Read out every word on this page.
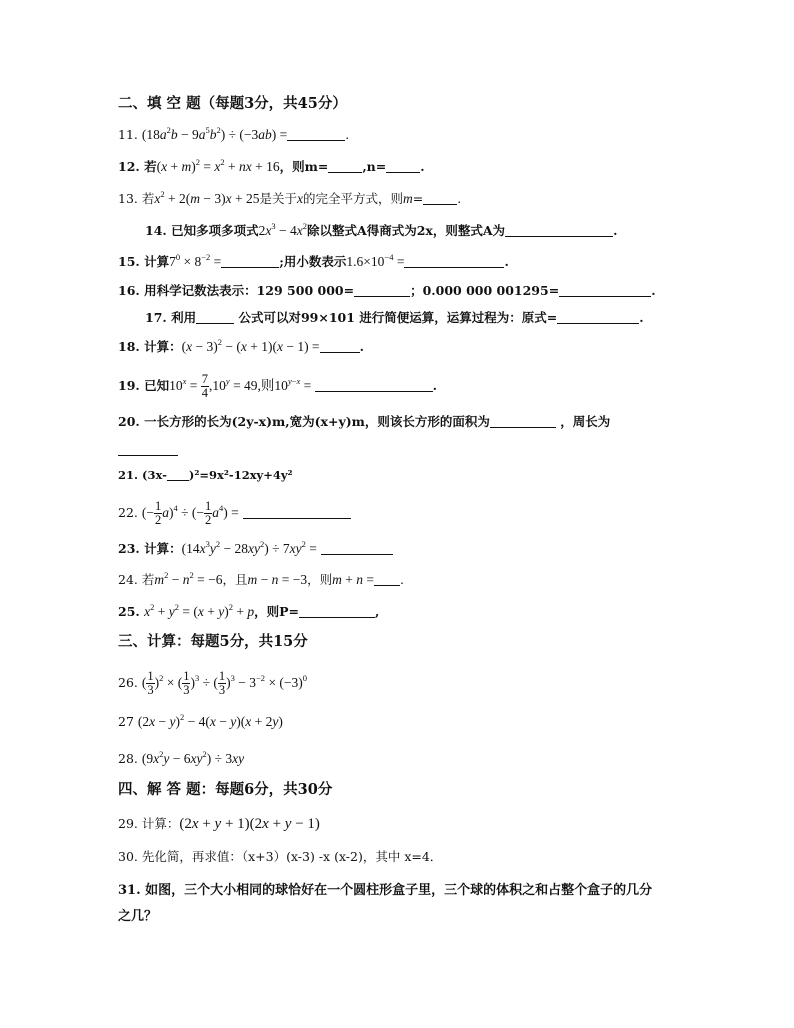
二、填 空 题（每题3分，共45分）
11. $(18a^2b - 9a^5b^2) \div (-3ab)$ =	.
12. 若$(x + m)^2 = x^2$ + nx + 16，则m=	,n=	.
13. 若$x^2 + 2(m - 3)x + 25$是关于x的完全平方式，则m=	.
14. 已知多项多项式$2x^3 - 4x^2$除以整式A得商式为2x，则整式A为	.
15. 计算$7^0 \times 8^{-2}$ =	;用小数表示$1.6\times 10^{-4}$ =	.
16. 用科学记数法表示：129 500 000=	；0.000 000 001295=	.
17. 利用	公式可以对99×101 进行简便运算，运算过程为：原式=	.
18. 计算：$(x - 3)^2 - (x + 1)(x - 1)$ =	.
19. 已知$10^x = \frac{7}{4} ,10^y = 49$,则$10^{y-x}$ =	.
20. 一长方形的长为(2y-x)m,宽为(x+y)m，则该长方形的面积为	，周长为
21. (3x- )²=9x²-12xy+4y²
22. (− $\frac{1}{2} a)^4$ ÷ (− $\frac{1}{2} a^4$) =
23. 计算：$(14x^3y^2 - 28xy^2) \div 7xy^2$ =
24. 若$m^2 - n^2 = -6$，且m − n = −3，则m + n = .
25. $x^2 + y^2 = (x + y)^2 + p$，则P=	,
三、计算：每题5分，共15分
26. ( $\frac{1}{3} )^2$ × ( $\frac{1}{3} )^3$ ÷ ( $\frac{1}{3} )^3 - 3^{-2} \times (-3)^0$
27 $(2x - y)^2 - 4(x - y)(x + 2y)$
28. $(9x^2y - 6xy^2) \div 3xy$
四、解 答 题：每题6分，共30分
29. 计算：(2x + y + 1)(2x + y − 1)
30. 先化简，再求值：（x+3）(x-3) -x (x-2)，其中 x=4．
31. 如图，三个大小相同的球恰好在一个圆柱形盒子里，三个球的体积之和占整个盒子的几分
之几？
